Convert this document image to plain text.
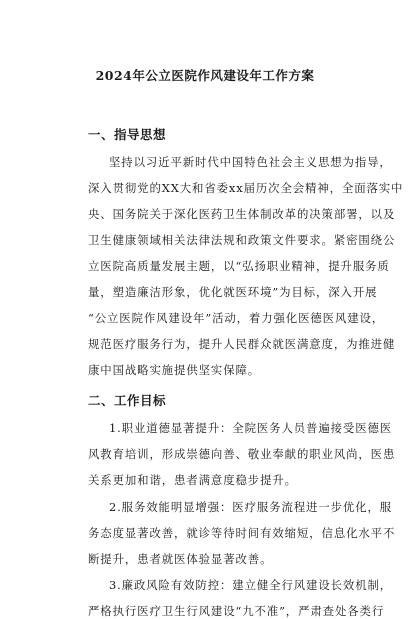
2024年公立医院作风建设年工作方案
一、指导思想
坚持以习近平新时代中国特色社会主义思想为指导，
深入贯彻党的XX大和省委xx届历次全会精神，全面落实中
央、国务院关于深化医药卫生体制改革的决策部署，以及
卫生健康领域相关法律法规和政策文件要求。紧密围绕公
立医院高质量发展主题，以“弘扬职业精神，提升服务质
量，塑造廉洁形象，优化就医环境”为目标，深入开展
“公立医院作风建设年”活动，着力强化医德医风建设，
规范医疗服务行为，提升人民群众就医满意度，为推进健
康中国战略实施提供坚实保障。
二、工作目标
1.职业道德显著提升：全院医务人员普遍接受医德医
风教育培训，形成崇德向善、敬业奉献的职业风尚，医患
关系更加和谐，患者满意度稳步提升。
2.服务效能明显增强：医疗服务流程进一步优化，服
务态度显著改善，就诊等待时间有效缩短，信息化水平不
断提升，患者就医体验显著改善。
3.廉政风险有效防控：建立健全行风建设长效机制，
严格执行医疗卫生行风建设“九不准”，严肃查处各类行
